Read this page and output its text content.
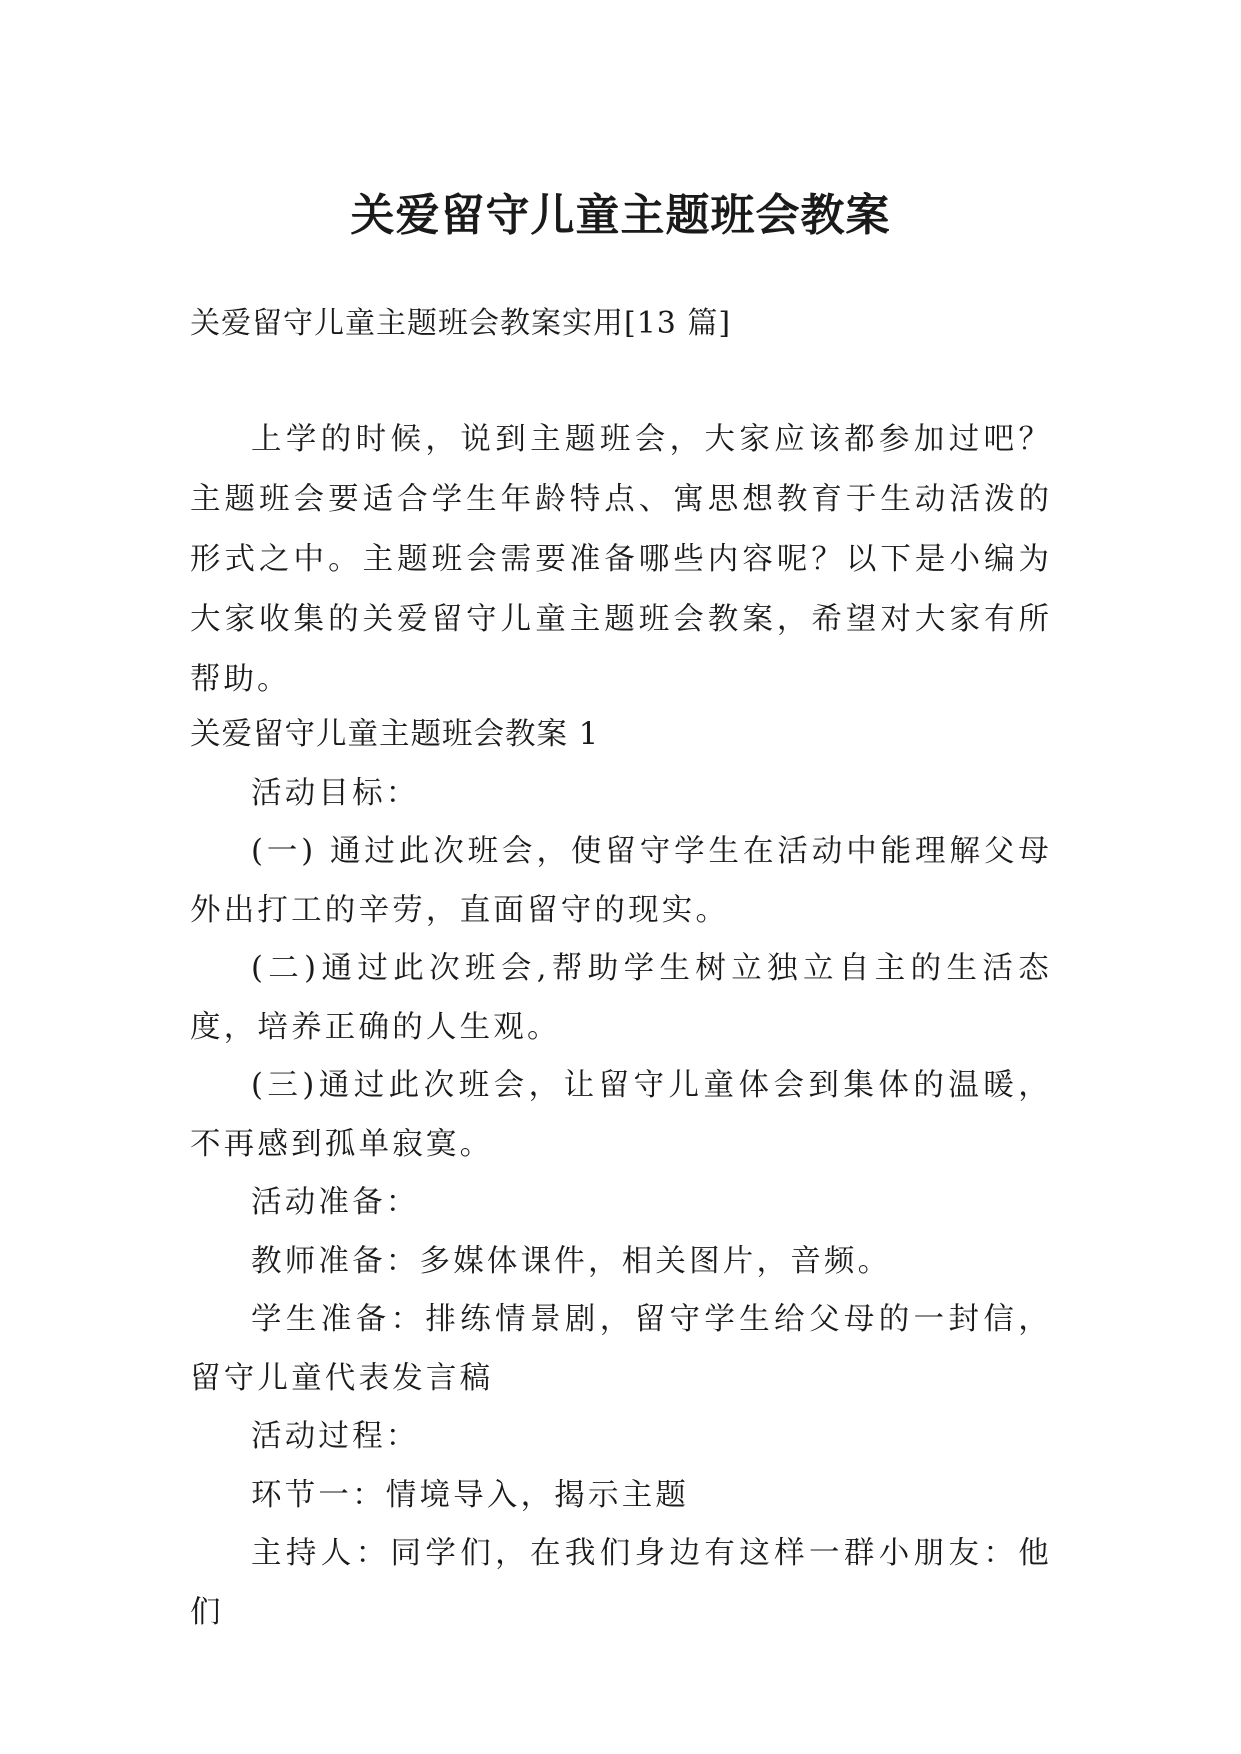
关爱留守儿童主题班会教案
关爱留守儿童主题班会教案实用[13 篇]

上学的时候，说到主题班会，大家应该都参加过吧？主题班会要适合学生年龄特点、寓思想教育于生动活泼的形式之中。主题班会需要准备哪些内容呢？以下是小编为大家收集的关爱留守儿童主题班会教案，希望对大家有所帮助。

关爱留守儿童主题班会教案 1

活动目标：

(一) 通过此次班会，使留守学生在活动中能理解父母外出打工的辛劳，直面留守的现实。

(二)通过此次班会,帮助学生树立独立自主的生活态度，培养正确的人生观。

(三)通过此次班会，让留守儿童体会到集体的温暖，不再感到孤单寂寞。

活动准备：

教师准备：多媒体课件，相关图片，音频。

学生准备：排练情景剧，留守学生给父母的一封信，留守儿童代表发言稿

活动过程：

环节一：情境导入，揭示主题

主持人：同学们，在我们身边有这样一群小朋友：他们
